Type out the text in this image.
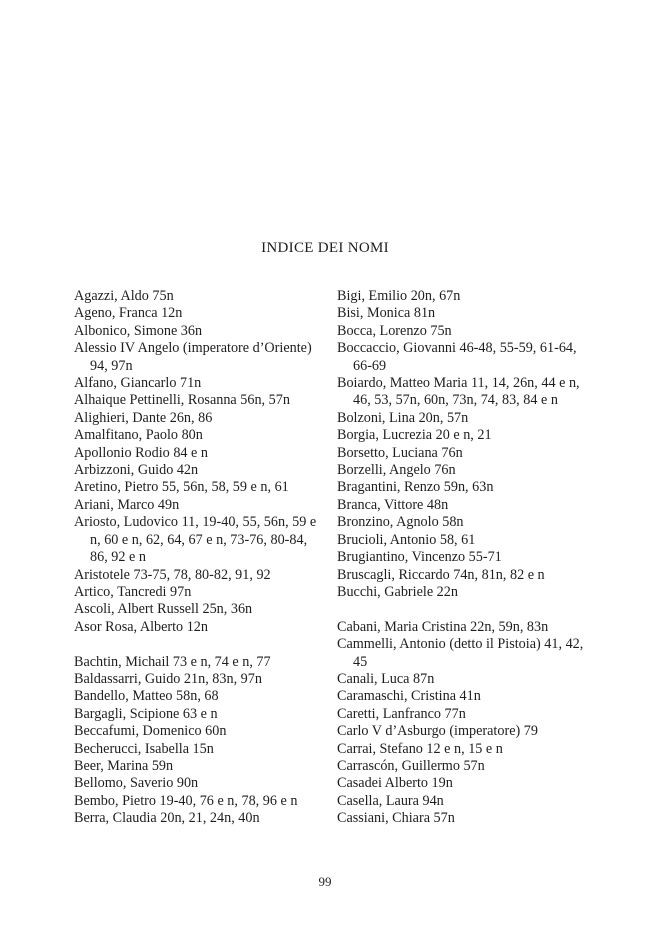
INDICE DEI NOMI

Agazzi, Aldo 75n

Ageno, Franca 12n

Albonico, Simone 36n

Alessio IV Angelo (imperatore d’Oriente) 94, 97n

Alfano, Giancarlo 71n

Alhaique Pettinelli, Rosanna 56n, 57n

Alighieri, Dante 26n, 86

Amalfitano, Paolo 80n

Apollonio Rodio 84 e n

Arbizzoni, Guido 42n

Aretino, Pietro 55, 56n, 58, 59 e n, 61

Ariani, Marco 49n

Ariosto, Ludovico 11, 19-40, 55, 56n, 59 e n, 60 e n, 62, 64, 67 e n, 73-76, 80-84, 86, 92 e n

Aristotele 73-75, 78, 80-82, 91, 92

Artico, Tancredi 97n

Ascoli, Albert Russell 25n, 36n

Asor Rosa, Alberto 12n

Bachtin, Michail 73 e n, 74 e n, 77

Baldassarri, Guido 21n, 83n, 97n

Bandello, Matteo 58n, 68

Bargagli, Scipione 63 e n

Beccafumi, Domenico 60n

Becherucci, Isabella 15n

Beer, Marina 59n

Bellomo, Saverio 90n

Bembo, Pietro 19-40, 76 e n, 78, 96 e n

Berra, Claudia 20n, 21, 24n, 40n

Bigi, Emilio 20n, 67n

Bisi, Monica 81n

Bocca, Lorenzo 75n

Boccaccio, Giovanni 46-48, 55-59, 61-64, 66-69

Boiardo, Matteo Maria 11, 14, 26n, 44 e n, 46, 53, 57n, 60n, 73n, 74, 83, 84 e n

Bolzoni, Lina 20n, 57n

Borgia, Lucrezia 20 e n, 21

Borsetto, Luciana 76n

Borzelli, Angelo 76n

Bragantini, Renzo 59n, 63n

Branca, Vittore 48n

Bronzino, Agnolo 58n

Brucioli, Antonio 58, 61

Brugiantino, Vincenzo 55-71

Bruscagli, Riccardo 74n, 81n, 82 e n

Bucchi, Gabriele 22n

Cabani, Maria Cristina 22n, 59n, 83n

Cammelli, Antonio (detto il Pistoia) 41, 42, 45

Canali, Luca 87n

Caramaschi, Cristina 41n

Caretti, Lanfranco 77n

Carlo V d’Asburgo (imperatore) 79

Carrai, Stefano 12 e n, 15 e n

Carrascón, Guillermo 57n

Casadei Alberto 19n

Casella, Laura 94n

Cassiani, Chiara 57n

99
